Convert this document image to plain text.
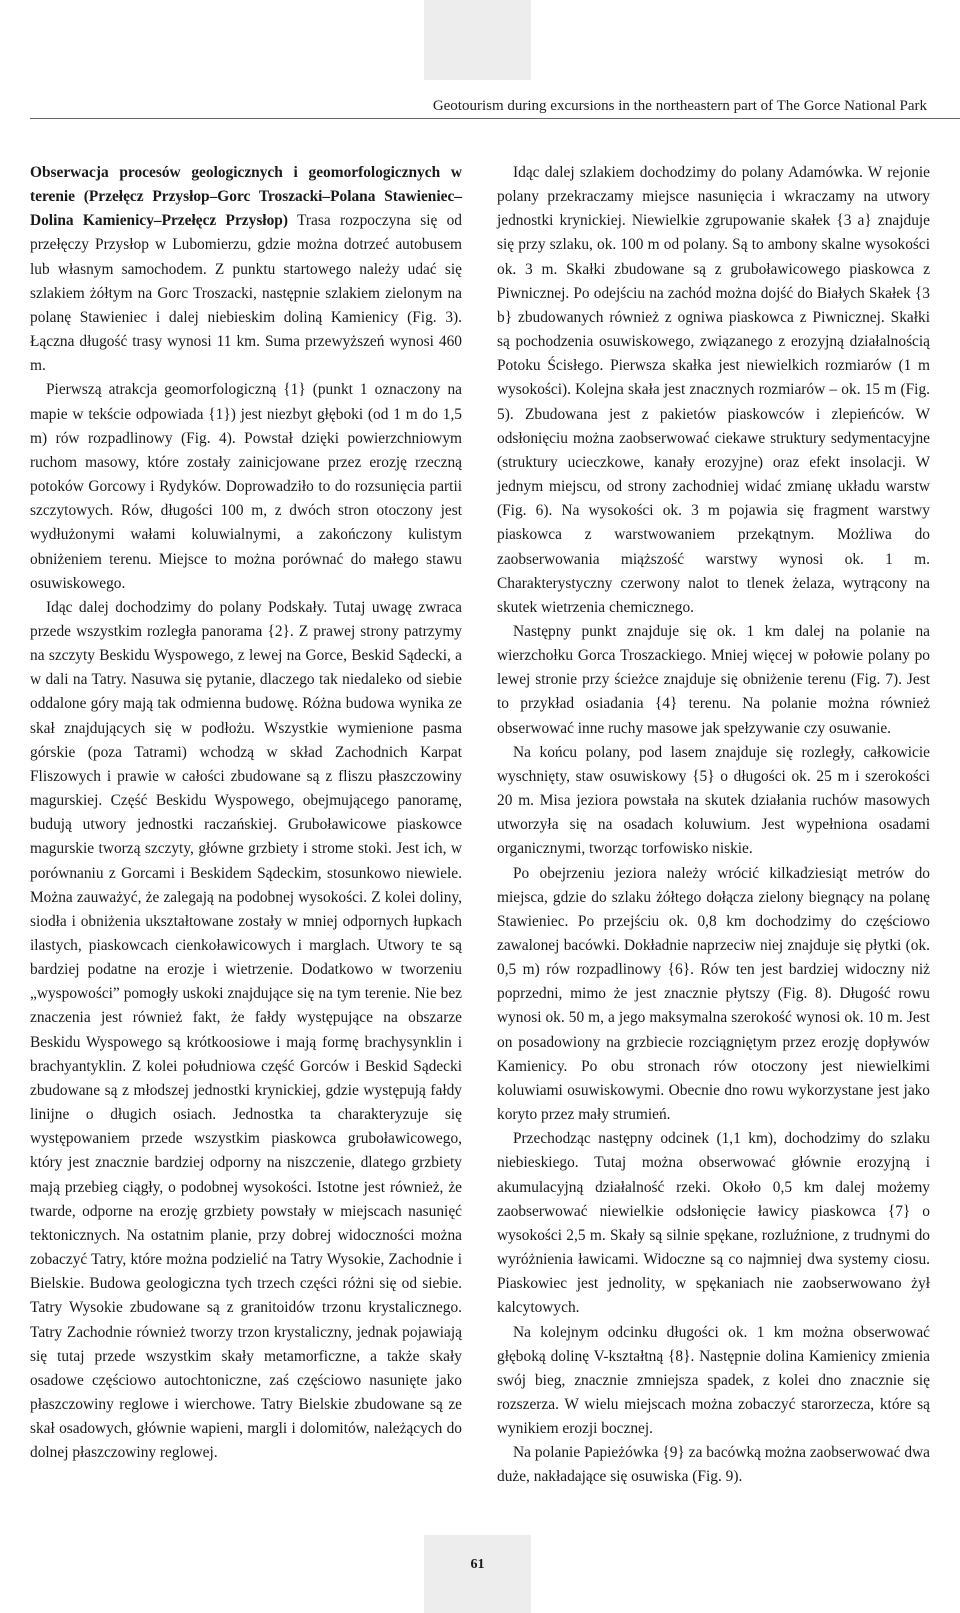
Geotourism during excursions in the northeastern part of The Gorce National Park

Obserwacja procesów geologicznych i geomorfologicznych w terenie (Przełęcz Przysłop–Gorc Troszacki–Polana Stawieniec–Dolina Kamienicy–Przełęcz Przysłop) Trasa rozpoczyna się od przełęczy Przysłop w Lubomierzu, gdzie można dotrzeć autobusem lub własnym samochodem. Z punktu startowego należy udać się szlakiem żółtym na Gorc Troszacki, następnie szlakiem zielonym na polanę Stawieniec i dalej niebieskim doliną Kamienicy (Fig. 3). Łączna długość trasy wynosi 11 km. Suma przewyższeń wynosi 460 m.

Pierwszą atrakcja geomorfologiczną {1} (punkt 1 oznaczony na mapie w tekście odpowiada {1}) jest niezbyt głęboki (od 1 m do 1,5 m) rów rozpadlinowy (Fig. 4). Powstał dzięki powierzchniowym ruchom masowy, które zostały zainicjowane przez erozję rzeczną potoków Gorcowy i Rydyków. Doprowadziło to do rozsunięcia partii szczytowych. Rów, długości 100 m, z dwóch stron otoczony jest wydłużonymi wałami koluwialnymi, a zakończony kulistym obniżeniem terenu. Miejsce to można porównać do małego stawu osuwiskowego.

Idąc dalej dochodzimy do polany Podskały. Tutaj uwagę zwraca przede wszystkim rozległa panorama {2}. Z prawej strony patrzymy na szczyty Beskidu Wyspowego, z lewej na Gorce, Beskid Sądecki, a w dali na Tatry. Nasuwa się pytanie, dlaczego tak niedaleko od siebie oddalone góry mają tak odmienna budowę. Różna budowa wynika ze skał znajdujących się w podłożu. Wszystkie wymienione pasma górskie (poza Tatrami) wchodzą w skład Zachodnich Karpat Fliszowych i prawie w całości zbudowane są z fliszu płaszczowiny magurskiej. Część Beskidu Wyspowego, obejmującego panoramę, budują utwory jednostki raczańskiej. Gruboławicowe piaskowce magurskie tworzą szczyty, główne grzbiety i strome stoki. Jest ich, w porównaniu z Gorcami i Beskidem Sądeckim, stosunkowo niewiele. Można zauważyć, że zalegają na podobnej wysokości. Z kolei doliny, siodła i obniżenia ukształtowane zostały w mniej odpornych łupkach ilastych, piaskowcach cienkoławicowych i marglach. Utwory te są bardziej podatne na erozje i wietrzenie. Dodatkowo w tworzeniu „wyspowości” pomogły uskoki znajdujące się na tym terenie. Nie bez znaczenia jest również fakt, że fałdy występujące na obszarze Beskidu Wyspowego są krótkoosiowe i mają formę brachysynklin i brachyantyklin. Z kolei południowa część Gorców i Beskid Sądecki zbudowane są z młodszej jednostki krynickiej, gdzie występują fałdy linijne o długich osiach. Jednostka ta charakteryzuje się występowaniem przede wszystkim piaskowca gruboławicowego, który jest znacznie bardziej odporny na niszczenie, dlatego grzbiety mają przebieg ciągły, o podobnej wysokości. Istotne jest również, że twarde, odporne na erozję grzbiety powstały w miejscach nasunięć tektonicznych. Na ostatnim planie, przy dobrej widoczności można zobaczyć Tatry, które można podzielić na Tatry Wysokie, Zachodnie i Bielskie. Budowa geologiczna tych trzech części różni się od siebie. Tatry Wysokie zbudowane są z granitoidów trzonu krystalicznego. Tatry Zachodnie również tworzy trzon krystaliczny, jednak pojawiają się tutaj przede wszystkim skały metamorficzne, a także skały osadowe częściowo autochtoniczne, zaś częściowo nasunięte jako płaszczowiny reglowe i wierchowe. Tatry Bielskie zbudowane są ze skał osadowych, głównie wapieni, margli i dolomitów, należących do dolnej płaszczowiny reglowej.

Idąc dalej szlakiem dochodzimy do polany Adamówka. W rejonie polany przekraczamy miejsce nasunięcia i wkraczamy na utwory jednostki krynickiej. Niewielkie zgrupowanie skałek {3 a} znajduje się przy szlaku, ok. 100 m od polany. Są to ambony skalne wysokości ok. 3 m. Skałki zbudowane są z gruboławicowego piaskowca z Piwnicznej. Po odejściu na zachód można dojść do Białych Skałek {3 b} zbudowanych również z ogniwa piaskowca z Piwnicznej. Skałki są pochodzenia osuwiskowego, związanego z erozyjną działalnością Potoku Ścisłego. Pierwsza skałka jest niewielkich rozmiarów (1 m wysokości). Kolejna skała jest znacznych rozmiarów – ok. 15 m (Fig. 5). Zbudowana jest z pakietów piaskowców i zlepieńców. W odsłonięciu można zaobserwować ciekawe struktury sedymentacyjne (struktury ucieczkowe, kanały erozyjne) oraz efekt insolacji. W jednym miejscu, od strony zachodniej widać zmianę układu warstw (Fig. 6). Na wysokości ok. 3 m pojawia się fragment warstwy piaskowca z warstwowaniem przekątnym. Możliwa do zaobserwowania miąższość warstwy wynosi ok. 1 m. Charakterystyczny czerwony nalot to tlenek żelaza, wytrącony na skutek wietrzenia chemicznego.

Następny punkt znajduje się ok. 1 km dalej na polanie na wierzchołku Gorca Troszackiego. Mniej więcej w połowie polany po lewej stronie przy ścieżce znajduje się obniżenie terenu (Fig. 7). Jest to przykład osiadania {4} terenu. Na polanie można również obserwować inne ruchy masowe jak spełzywanie czy osuwanie.

Na końcu polany, pod lasem znajduje się rozległy, całkowicie wyschnięty, staw osuwiskowy {5} o długości ok. 25 m i szerokości 20 m. Misa jeziora powstała na skutek działania ruchów masowych utworzyła się na osadach koluwium. Jest wypełniona osadami organicznymi, tworząc torfowisko niskie.

Po obejrzeniu jeziora należy wrócić kilkadziesiąt metrów do miejsca, gdzie do szlaku żółtego dołącza zielony biegnący na polanę Stawieniec. Po przejściu ok. 0,8 km dochodzimy do częściowo zawalonej bacówki. Dokładnie naprzeciw niej znajduje się płytki (ok. 0,5 m) rów rozpadlinowy {6}. Rów ten jest bardziej widoczny niż poprzedni, mimo że jest znacznie płytszy (Fig. 8). Długość rowu wynosi ok. 50 m, a jego maksymalna szerokość wynosi ok. 10 m. Jest on posadowiony na grzbiecie rozciągniętym przez erozję dopływów Kamienicy. Po obu stronach rów otoczony jest niewielkimi koluwiami osuwiskowymi. Obecnie dno rowu wykorzystane jest jako koryto przez mały strumień.

Przechodząc następny odcinek (1,1 km), dochodzimy do szlaku niebieskiego. Tutaj można obserwować głównie erozyjną i akumulacyjną działalność rzeki. Około 0,5 km dalej możemy zaobserwować niewielkie odsłonięcie ławicy piaskowca {7} o wysokości 2,5 m. Skały są silnie spękane, rozluźnione, z trudnymi do wyróżnienia ławicami. Widoczne są co najmniej dwa systemy ciosu. Piaskowiec jest jednolity, w spękaniach nie zaobserwowano żył kalcytowych.

Na kolejnym odcinku długości ok. 1 km można obserwować głęboką dolinę V-kształtną {8}. Następnie dolina Kamienicy zmienia swój bieg, znacznie zmniejsza spadek, z kolei dno znacznie się rozszerza. W wielu miejscach można zobaczyć starorzecza, które są wynikiem erozji bocznej.

Na polanie Papieżówka {9} za bacówką można zaobserwować dwa duże, nakładające się osuwiska (Fig. 9).

61
